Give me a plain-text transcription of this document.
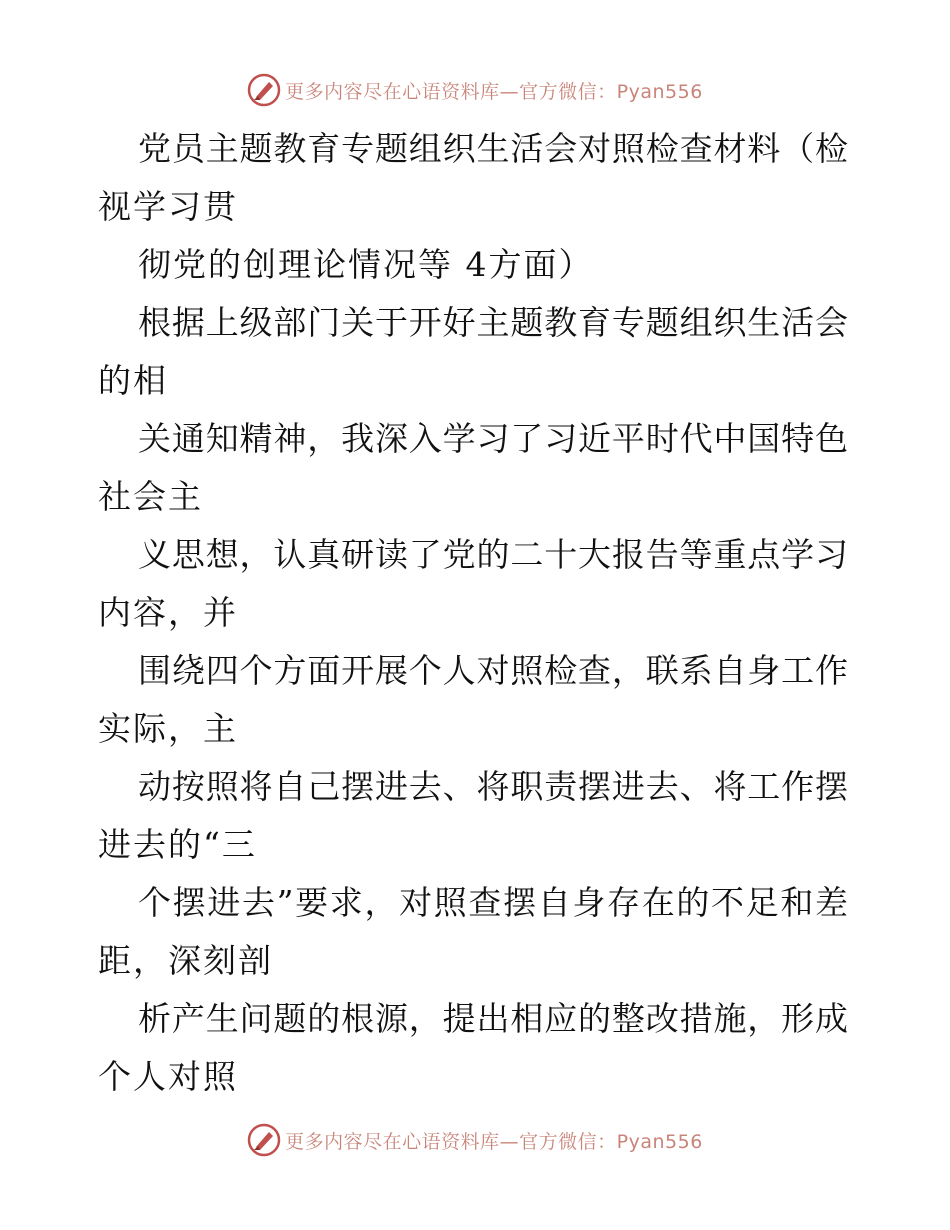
更多内容尽在心语资料库—官方微信：Pyan556

党员主题教育专题组织生活会对照检查材料（检

视学习贯

彻党的创理论情况等 4方面）

根据上级部门关于开好主题教育专题组织生活会

的相

关通知精神，我深入学习了习近平时代中国特色

社会主

义思想，认真研读了党的二十大报告等重点学习

内容，并

围绕四个方面开展个人对照检查，联系自身工作

实际，主

动按照将自己摆进去、将职责摆进去、将工作摆

进去的“三

个摆进去”要求，对照查摆自身存在的不足和差

距，深刻剖

析产生问题的根源，提出相应的整改措施，形成

个人对照

更多内容尽在心语资料库—官方微信：Pyan556
